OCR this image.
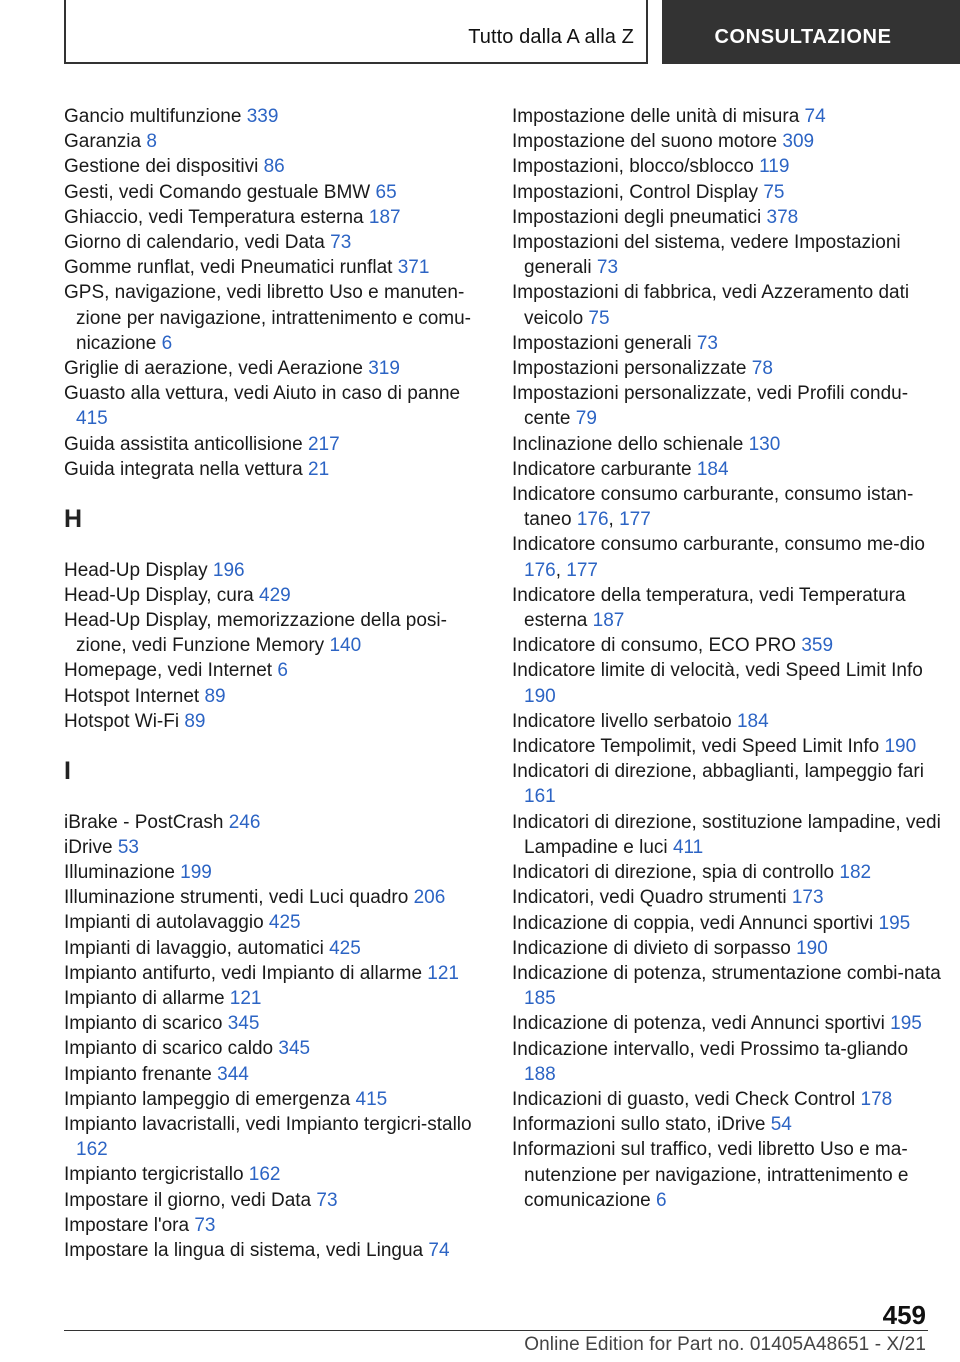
Tutto dalla A alla Z	CONSULTAZIONE
Gancio multifunzione 339
Garanzia 8
Gestione dei dispositivi 86
Gesti, vedi Comando gestuale BMW 65
Ghiaccio, vedi Temperatura esterna 187
Giorno di calendario, vedi Data 73
Gomme runflat, vedi Pneumatici runflat 371
GPS, navigazione, vedi libretto Uso e manuten-zione per navigazione, intrattenimento e comu-nicazione 6
Griglie di aerazione, vedi Aerazione 319
Guasto alla vettura, vedi Aiuto in caso di panne 415
Guida assistita anticollisione 217
Guida integrata nella vettura 21
H
Head-Up Display 196
Head-Up Display, cura 429
Head-Up Display, memorizzazione della posi-zione, vedi Funzione Memory 140
Homepage, vedi Internet 6
Hotspot Internet 89
Hotspot Wi-Fi 89
I
iBrake - PostCrash 246
iDrive 53
Illuminazione 199
Illuminazione strumenti, vedi Luci quadro 206
Impianti di autolavaggio 425
Impianti di lavaggio, automatici 425
Impianto antifurto, vedi Impianto di allarme 121
Impianto di allarme 121
Impianto di scarico 345
Impianto di scarico caldo 345
Impianto frenante 344
Impianto lampeggio di emergenza 415
Impianto lavacristalli, vedi Impianto tergicri-stallo 162
Impianto tergicristallo 162
Impostare il giorno, vedi Data 73
Impostare l'ora 73
Impostare la lingua di sistema, vedi Lingua 74
Impostazione delle unità di misura 74
Impostazione del suono motore 309
Impostazioni, blocco/sblocco 119
Impostazioni, Control Display 75
Impostazioni degli pneumatici 378
Impostazioni del sistema, vedere Impostazioni generali 73
Impostazioni di fabbrica, vedi Azzeramento dati veicolo 75
Impostazioni generali 73
Impostazioni personalizzate 78
Impostazioni personalizzate, vedi Profili condu-cente 79
Inclinazione dello schienale 130
Indicatore carburante 184
Indicatore consumo carburante, consumo istan-taneo 176, 177
Indicatore consumo carburante, consumo me-dio 176, 177
Indicatore della temperatura, vedi Temperatura esterna 187
Indicatore di consumo, ECO PRO 359
Indicatore limite di velocità, vedi Speed Limit Info 190
Indicatore livello serbatoio 184
Indicatore Tempolimit, vedi Speed Limit Info 190
Indicatori di direzione, abbaglianti, lampeggio fari 161
Indicatori di direzione, sostituzione lampadine, vedi Lampadine e luci 411
Indicatori di direzione, spia di controllo 182
Indicatori, vedi Quadro strumenti 173
Indicazione di coppia, vedi Annunci sportivi 195
Indicazione di divieto di sorpasso 190
Indicazione di potenza, strumentazione combi-nata 185
Indicazione di potenza, vedi Annunci sportivi 195
Indicazione intervallo, vedi Prossimo ta-gliando 188
Indicazioni di guasto, vedi Check Control 178
Informazioni sullo stato, iDrive 54
Informazioni sul traffico, vedi libretto Uso e ma-nutenzione per navigazione, intrattenimento e comunicazione 6
459
Online Edition for Part no. 01405A48651 - X/21
